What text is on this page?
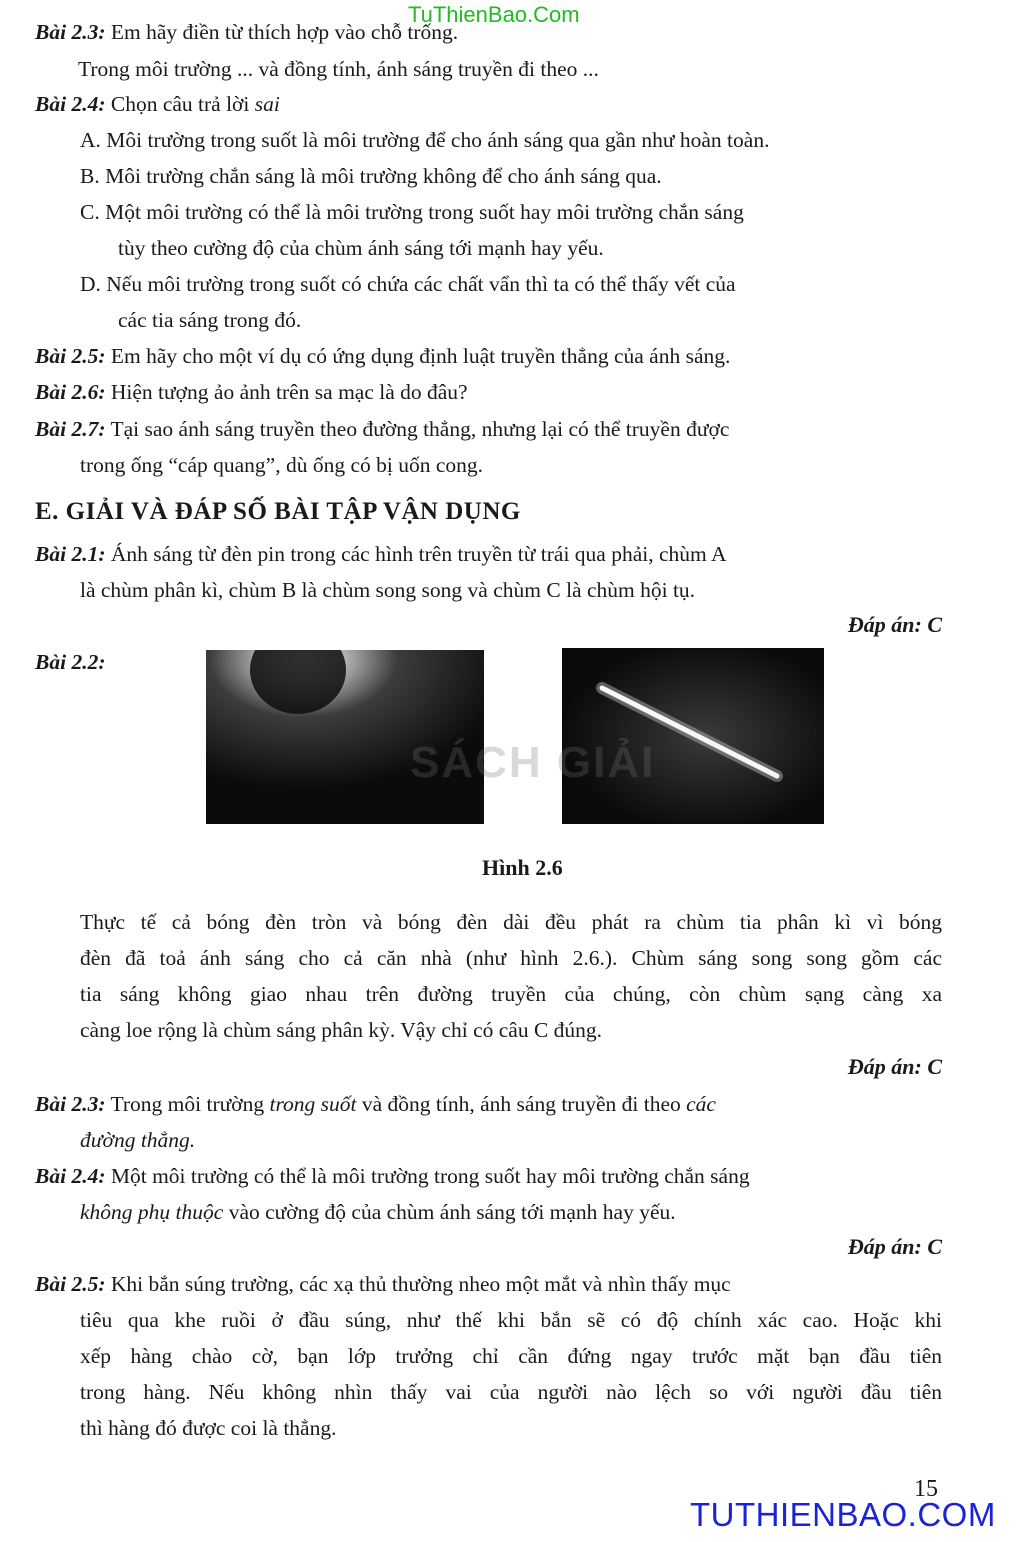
TuThienBao.Com
TUTHIENBAO.COM
Bài 2.3: Em hãy điền từ thích hợp vào chỗ trống.
Trong môi trường ... và đồng tính, ánh sáng truyền đi theo ...
Bài 2.4: Chọn câu trả lời sai
A. Môi trường trong suốt là môi trường để cho ánh sáng qua gần như hoàn toàn.
B. Môi trường chắn sáng là môi trường không để cho ánh sáng qua.
C. Một môi trường có thể là môi trường trong suốt hay môi trường chắn sáng
tùy theo cường độ của chùm ánh sáng tới mạnh hay yếu.
D. Nếu môi trường trong suốt có chứa các chất vẩn thì ta có thể thấy vết của
các tia sáng trong đó.
Bài 2.5: Em hãy cho một ví dụ có ứng dụng định luật truyền thẳng của ánh sáng.
Bài 2.6: Hiện tượng ảo ảnh trên sa mạc là do đâu?
Bài 2.7: Tại sao ánh sáng truyền theo đường thẳng, nhưng lại có thể truyền được
trong ống “cáp quang”, dù ống có bị uốn cong.
E. GIẢI VÀ ĐÁP SỐ BÀI TẬP VẬN DỤNG
Bài 2.1: Ánh sáng từ đèn pin trong các hình trên truyền từ trái qua phải, chùm A
là chùm phân kì, chùm B là chùm song song và chùm C là chùm hội tụ.
Đáp án: C
Bài 2.2:
SÁCH GIẢI
Hình 2.6
Thực tế cả bóng đèn tròn và bóng đèn dài đều phát ra chùm tia phân kì vì bóng
đèn đã toả ánh sáng cho cả căn nhà (như hình 2.6.). Chùm sáng song song gồm các
tia sáng không giao nhau trên đường truyền của chúng, còn chùm sạng càng xa
càng loe rộng là chùm sáng phân kỳ. Vậy chỉ có câu C đúng.
Đáp án: C
Bài 2.3: Trong môi trường trong suốt và đồng tính, ánh sáng truyền đi theo các
đường thẳng.
Bài 2.4: Một môi trường có thể là môi trường trong suốt hay môi trường chắn sáng
không phụ thuộc vào cường độ của chùm ánh sáng tới mạnh hay yếu.
Đáp án: C
Bài 2.5: Khi bắn súng trường, các xạ thủ thường nheo một mắt và nhìn thấy mục
tiêu qua khe ruồi ở đầu súng, như thế khi bắn sẽ có độ chính xác cao. Hoặc khi
xếp hàng chào cờ, bạn lớp trưởng chỉ cần đứng ngay trước mặt bạn đầu tiên
trong hàng. Nếu không nhìn thấy vai của người nào lệch so với người đầu tiên
thì hàng đó được coi là thẳng.
15
